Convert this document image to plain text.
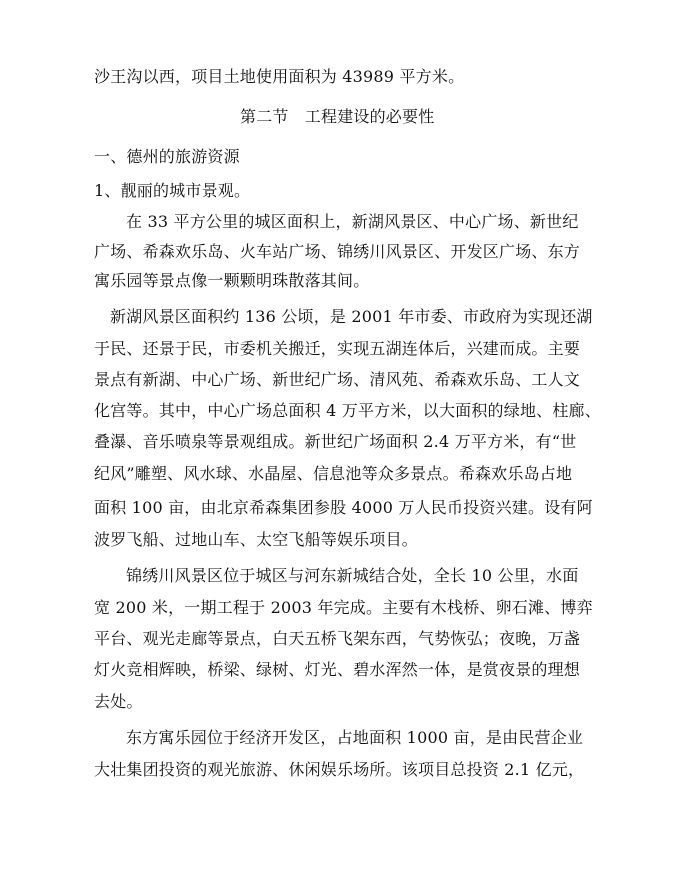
沙王沟以西，项目土地使用面积为 43989 平方米。
第二节　工程建设的必要性
一、德州的旅游资源
1、靓丽的城市景观。
在 33 平方公里的城区面积上，新湖风景区、中心广场、新世纪
广场、希森欢乐岛、火车站广场、锦绣川风景区、开发区广场、东方
寓乐园等景点像一颗颗明珠散落其间。
新湖风景区面积约 136 公顷，是 2001 年市委、市政府为实现还湖
于民、还景于民，市委机关搬迁，实现五湖连体后，兴建而成。主要
景点有新湖、中心广场、新世纪广场、清风苑、希森欢乐岛、工人文
化宫等。其中，中心广场总面积 4 万平方米，以大面积的绿地、柱廊、
叠瀑、音乐喷泉等景观组成。新世纪广场面积 2.4 万平方米，有“世
纪风”雕塑、风水球、水晶屋、信息池等众多景点。希森欢乐岛占地
面积 100 亩，由北京希森集团参股 4000 万人民币投资兴建。设有阿
波罗飞船、过地山车、太空飞船等娱乐项目。
锦绣川风景区位于城区与河东新城结合处，全长 10 公里，水面
宽 200 米，一期工程于 2003 年完成。主要有木栈桥、卵石滩、博弈
平台、观光走廊等景点，白天五桥飞架东西，气势恢弘；夜晚，万盏
灯火竞相辉映，桥梁、绿树、灯光、碧水浑然一体，是赏夜景的理想
去处。
东方寓乐园位于经济开发区，占地面积 1000 亩，是由民营企业
大壮集团投资的观光旅游、休闲娱乐场所。该项目总投资 2.1 亿元，
